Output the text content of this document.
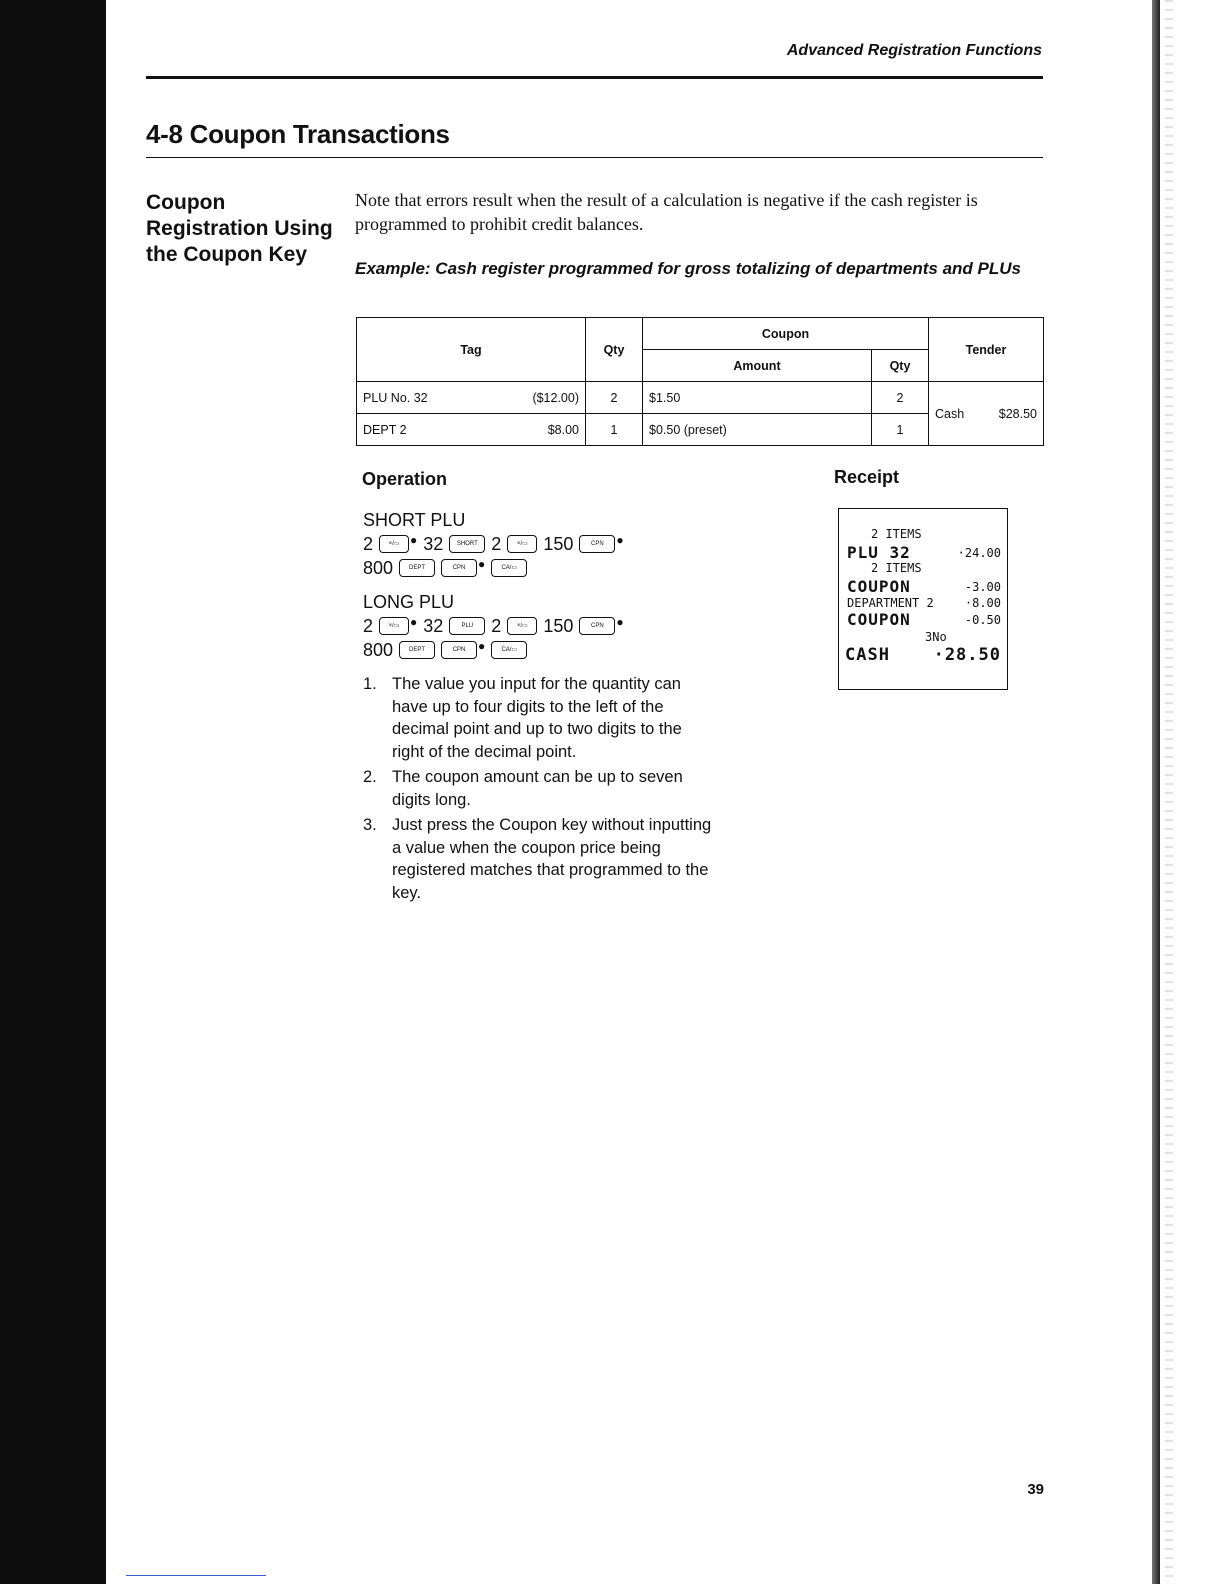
Advanced Registration Functions
4-8 Coupon Transactions
Coupon
Registration Using
the Coupon Key
Note that errors result when the result of a calculation is negative if the cash register is programmed to prohibit credit balances.
Example: Cash register programmed for gross totalizing of departments and PLUs
Tag	Qty	Coupon		Tender
		Amount	Qty	

PLU No. 32 ($12.00)	2	$1.50	2	Cash $28.50

DEPT 2 $8.00	1	$0.50 (preset)	1	
Operation	Receipt
SHORT PLU
2	×/▭ ● 32	SHORT 2	×/▭ 150	CPN	●
800	DEPT	CPN	●	CA/▭
LONG PLU
2	×/▭ ● 32	PLU	2	×/▭ 150	CPN	●
800	DEPT	CPN	●	CA/▭
1. The value you input for the quantity can have up to four digits to the left of the decimal point and up to two digits to the right of the decimal point.
2. The coupon amount can be up to seven digits long.
3. Just press the Coupon key without inputting a value when the coupon price being registered matches that programmed to the key.
2 ITEMS
PLU 32	·24.00
2 ITEMS
COUPON	-3.00
DEPARTMENT 2	·8.00
COUPON	-0.50
3No
CASH	·28.50
39
